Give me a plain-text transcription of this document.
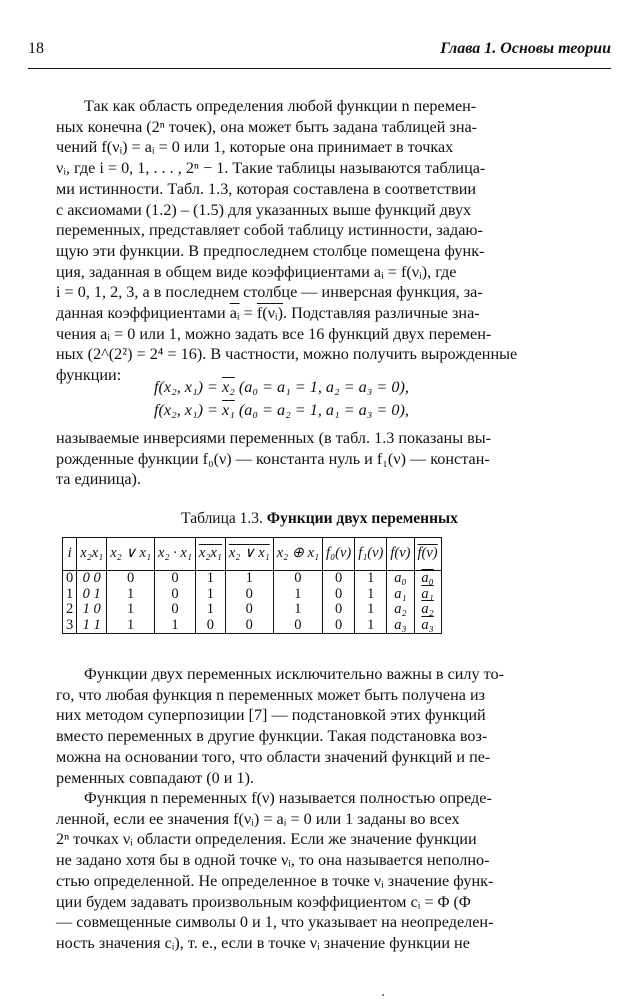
18	Глава 1. Основы теории

Так как область определения любой функции n перемен-

ных конечна (2ⁿ точек), она может быть задана таблицей зна-

чений f(νᵢ) = aᵢ = 0 или 1, которые она принимает в точках

νᵢ, где i = 0, 1, . . . , 2ⁿ − 1. Такие таблицы называются таблица-

ми истинности. Табл. 1.3, которая составлена в соответствии

с аксиомами (1.2) – (1.5) для указанных выше функций двух

переменных, представляет собой таблицу истинности, задаю-

щую эти функции. В предпоследнем столбце помещена функ-

ция, заданная в общем виде коэффициентами aᵢ = f(νᵢ), где

i = 0, 1, 2, 3, а в последнем столбце — инверсная функция, за-

данная коэффициентами $\overline{aᵢ}$ = f(νᵢ). Подставляя различные зна-

чения aᵢ = 0 или 1, можно задать все 16 функций двух перемен-

ных (2^(2²) = 2⁴ = 16). В частности, можно получить вырожденные

функции:

f(x₂, x₁) = x₂ (a₀ = a₁ = 1, a₂ = a₃ = 0),
f(x₂, x₁) = x₁ (a₀ = a₂ = 1, a₁ = a₃ = 0),

называемые инверсиями переменных (в табл. 1.3 показаны вы-

рожденные функции f₀(ν) — константа нуль и f₁(ν) — констан-

та единица).

Таблица 1.3. Функции двух переменных
i	x₂x₁	x₂ ∨ x₁	x₂ · x₁	x₂x₁	x₂ ∨ x₁	x₂ ⊕ x₁	f₀(ν)	f₁(ν)	f(ν)	f(ν)
0	0 0	0	0	1	1	0	0	1	a₀	a₀
1	0 1	1	0	1	0	1	0	1	a₁	a₁
2	1 0	1	0	1	0	1	0	1	a₂	a₂
3	1 1	1	1	0	0	0	0	1	a₃	a₃

Функции двух переменных исключительно важны в силу то-

го, что любая функция n переменных может быть получена из

них методом суперпозиции [7] — подстановкой этих функций

вместо переменных в другие функции. Такая подстановка воз-

можна на основании того, что области значений функций и пе-

ременных совпадают (0 и 1).

Функция n переменных f(ν) называется полностью опреде-

ленной, если ее значения f(νᵢ) = aᵢ = 0 или 1 заданы во всех

2ⁿ точках νᵢ области определения. Если же значение функции

не задано хотя бы в одной точке νᵢ, то она называется неполно-

стью определенной. Не определенное в точке νᵢ значение функ-

ции будем задавать произвольным коэффициентом cᵢ = Φ (Φ

— совмещенные символы 0 и 1, что указывает на неопределен-

ность значения cᵢ), т. е., если в точке νᵢ значение функции не
